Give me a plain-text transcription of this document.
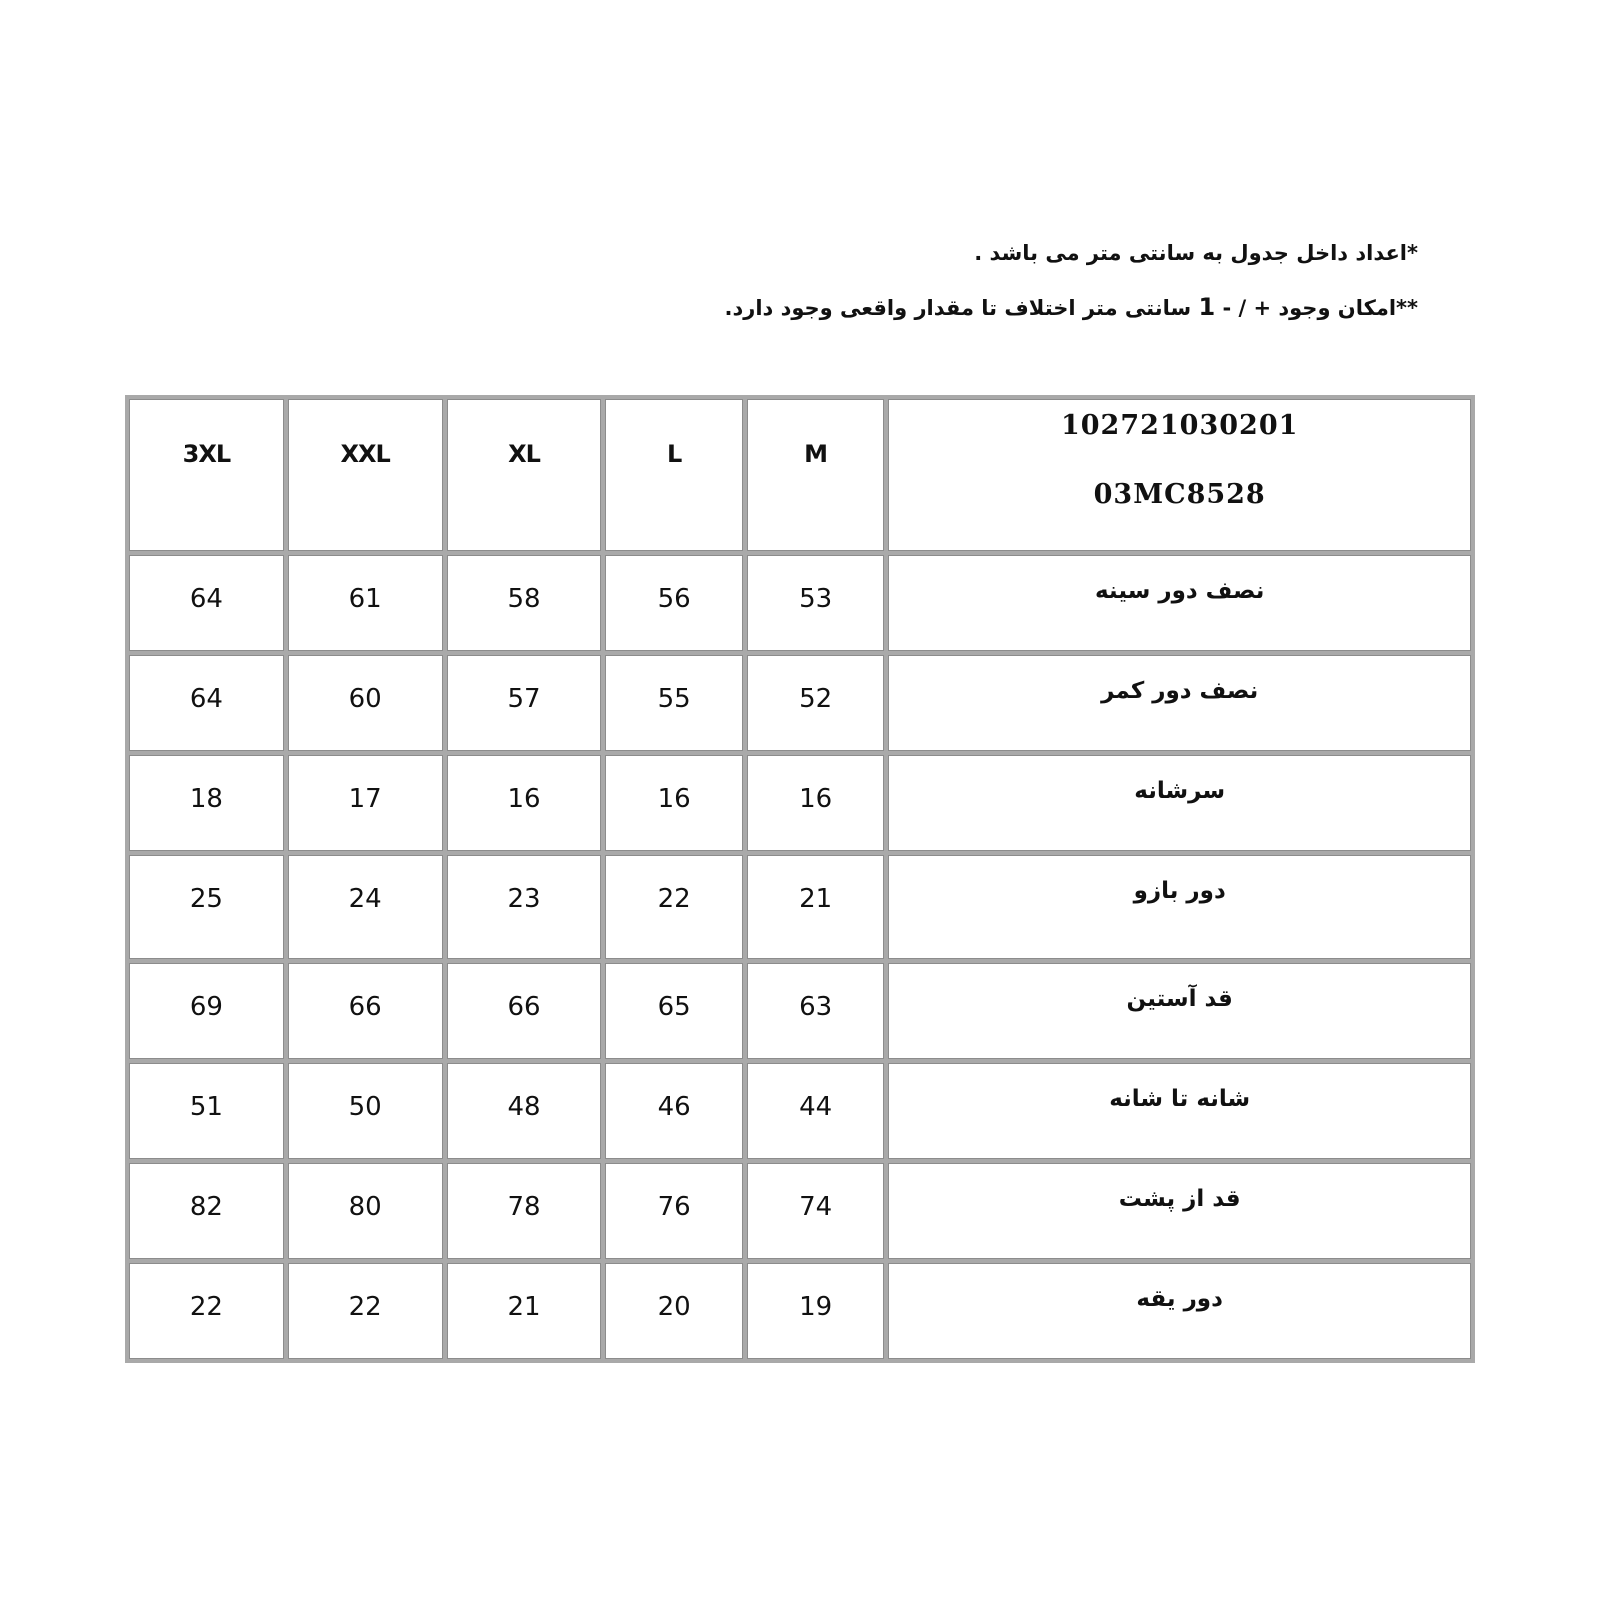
*اعداد داخل جدول به سانتی متر می باشد .

**امکان وجود + / - 1 سانتی متر اختلاف تا مقدار واقعی وجود دارد.

3XL	XXL	XL	L	M	102721030201
03MC8528

64	61	58	56	53	نصف دور سینه

64	60	57	55	52	نصف دور کمر

18	17	16	16	16	سرشانه

25	24	23	22	21	دور بازو

69	66	66	65	63	قد آستین

51	50	48	46	44	شانه تا شانه

82	80	78	76	74	قد از پشت

22	22	21	20	19	دور یقه
